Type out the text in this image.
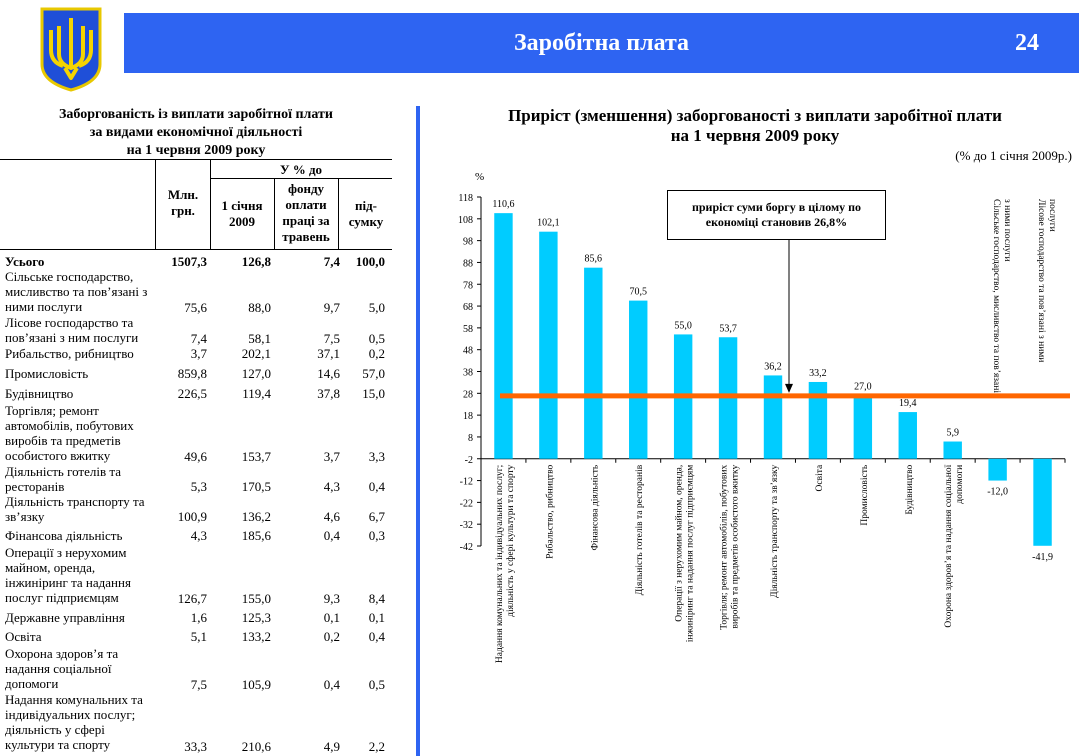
Заробітна плата	24
Заборгованість із виплати заробітної плати
за видами економічної діяльності
на 1 червня 2009 року
Млн. грн.
У % до
1 січня 2009
фонду оплати праці за травень
під-сумку
Усього	1507,3	126,8	7,4	100,0
Сільське господарство, мисливство та пов’язані з ними послуги	75,6	88,0	9,7	5,0
Лісове господарство та пов’язані з ним послуги	7,4	58,1	7,5	0,5
Рибальство, рибництво	3,7	202,1	37,1	0,2
Промисловість	859,8	127,0	14,6	57,0
Будівництво	226,5	119,4	37,8	15,0
Торгівля; ремонт автомобілів, побутових виробів та предметів особистого вжитку	49,6	153,7	3,7	3,3
Діяльність готелів та ресторанів	5,3	170,5	4,3	0,4
Діяльність транспорту та зв’язку	100,9	136,2	4,6	6,7
Фінансова діяльність	4,3	185,6	0,4	0,3
Операції з нерухомим майном, оренда, інжиніринг та надання послуг підприємцям	126,7	155,0	9,3	8,4
Державне управління	1,6	125,3	0,1	0,1
Освіта	5,1	133,2	0,2	0,4
Охорона здоров’я та надання соціальної допомоги	7,5	105,9	0,4	0,5
Надання комунальних та індивідуальних послуг; діяльність у сфері культури та спорту	33,3	210,6	4,9	2,2
Приріст (зменшення) заборгованості з виплати заробітної плати
на 1 червня 2009 року
(% до 1 січня 2009р.)
%
118
108
98
88
78
68
58
48
38
28
18
8
-2
-12
-22
-32
-42
110,6
102,1
85,6
70,5
55,0	53,7
36,2
33,2
27,0
19,4
5,9
-12,0
-41,9
Надання комунальних та індивідуальних послуг;діяльність у сфері культури та спорту	Рибальство, рибництво	Фінансова діяльність	Діяльність готелів та ресторанів	Операції з нерухомим майном, оренда,інжиніринг та надання послуг підприємцям	Торгівля; ремонт автомобілів, побутовихвиробів та предметів особистого вжитку	Діяльність транспорту та зв’язку	Освіта	Промисловість	Будівництво	Охорона здоров’я та надання соціальноїдопомоги
Сільське господарство, мисливство та пов’язаніз ними послуги	Лісове господарство та пов’язані з нимипослуги
приріст суми боргу в цілому по економіці становив 26,8%
